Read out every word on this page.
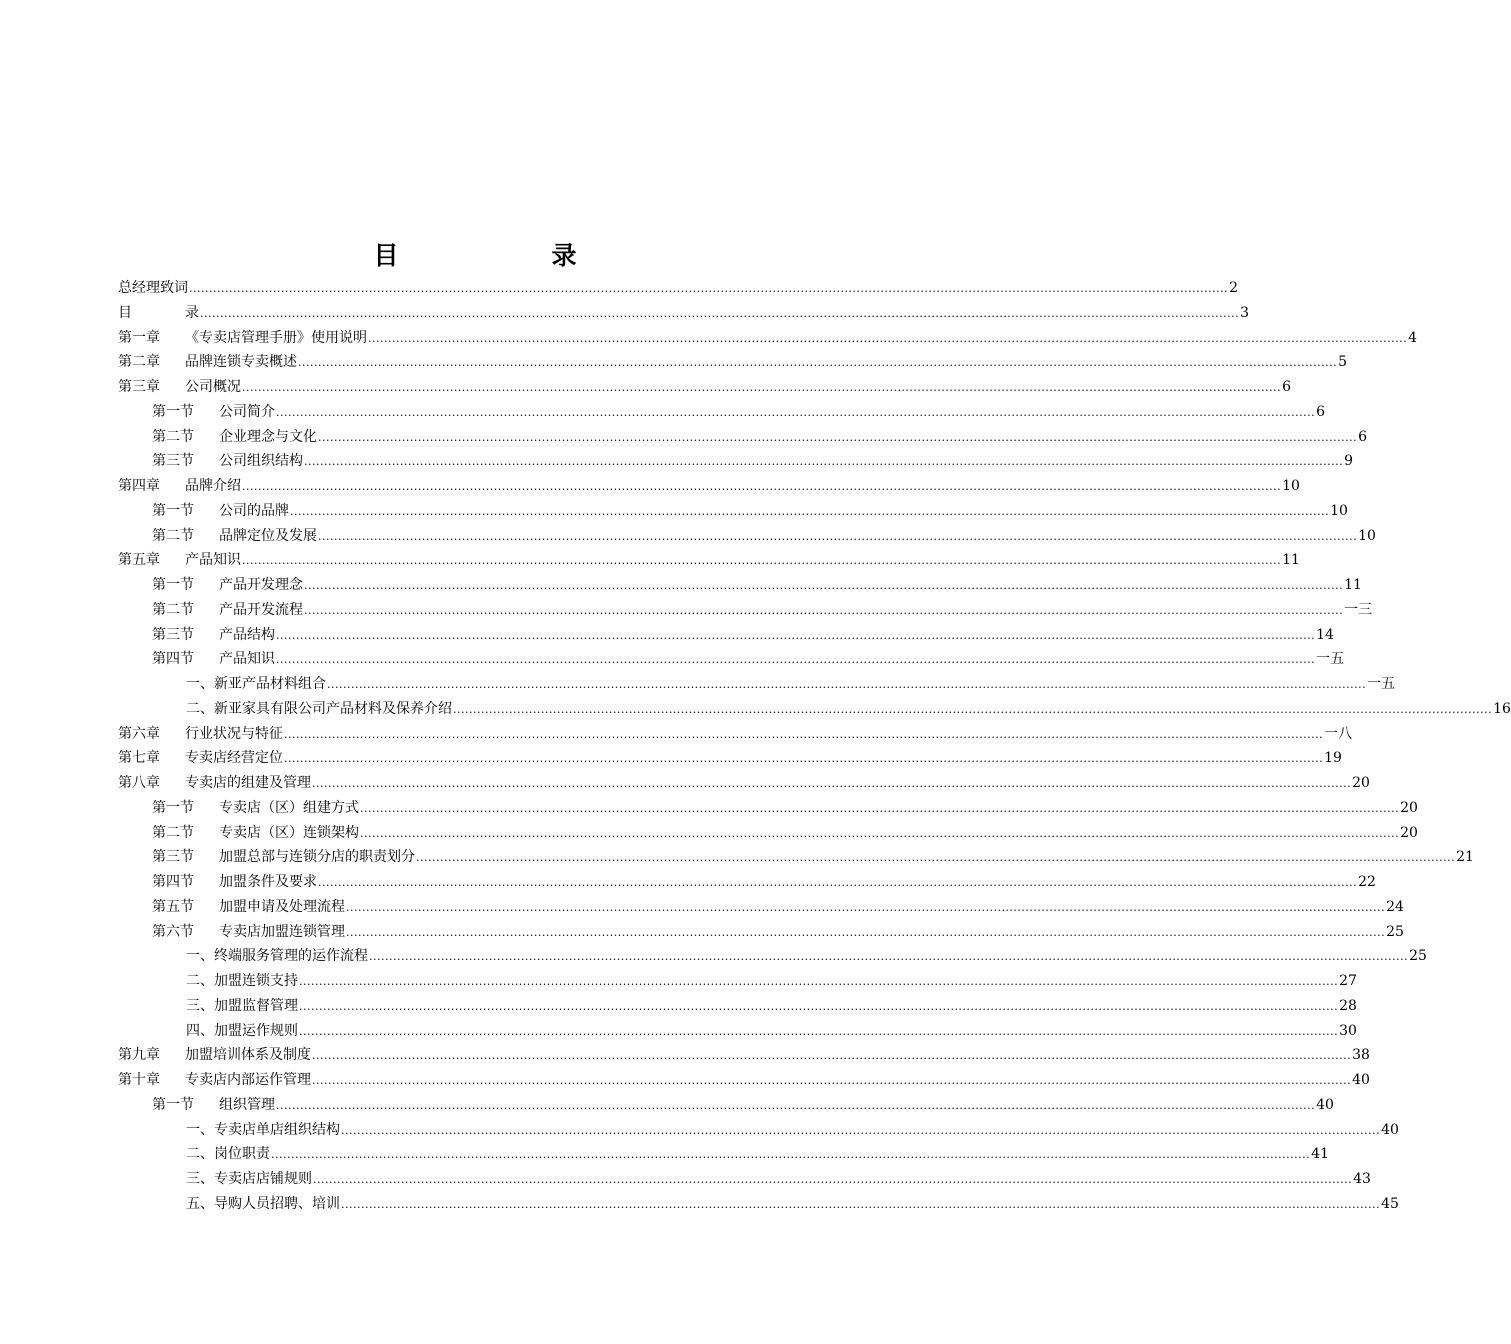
目　录
总经理致词 .................................................................................................................................................................................................................................................................... 2
目	录 .................................................................................................................................................................................................................................................................... 3
第一章	《专卖店管理手册》使用说明 .................................................................................................................................................................................................................................................................... 4
第二章	品牌连锁专卖概述 .................................................................................................................................................................................................................................................................... 5
第三章	公司概况 .................................................................................................................................................................................................................................................................... 6
第一节	公司简介 .................................................................................................................................................................................................................................................................... 6
第二节	企业理念与文化 .................................................................................................................................................................................................................................................................... 6
第三节	公司组织结构 .................................................................................................................................................................................................................................................................... 9
第四章	品牌介绍 .................................................................................................................................................................................................................................................................... 10
第一节	公司的品牌 .................................................................................................................................................................................................................................................................... 10
第二节	品牌定位及发展 .................................................................................................................................................................................................................................................................... 10
第五章	产品知识 .................................................................................................................................................................................................................................................................... 11
第一节	产品开发理念 .................................................................................................................................................................................................................................................................... 11
第二节	产品开发流程 .................................................................................................................................................................................................................................................................... 一三
第三节	产品结构 .................................................................................................................................................................................................................................................................... 14
第四节	产品知识 .................................................................................................................................................................................................................................................................... 一五
一、新亚产品材料组合 .................................................................................................................................................................................................................................................................... 一五
二、新亚家具有限公司产品材料及保养介绍 .................................................................................................................................................................................................................................................................... 16
第六章	行业状况与特征 .................................................................................................................................................................................................................................................................... 一八
第七章	专卖店经营定位 .................................................................................................................................................................................................................................................................... 19
第八章	专卖店的组建及管理 .................................................................................................................................................................................................................................................................... 20
第一节	专卖店（区）组建方式 .................................................................................................................................................................................................................................................................... 20
第二节	专卖店（区）连锁架构 .................................................................................................................................................................................................................................................................... 20
第三节	加盟总部与连锁分店的职责划分 .................................................................................................................................................................................................................................................................... 21
第四节	加盟条件及要求 .................................................................................................................................................................................................................................................................... 22
第五节	加盟申请及处理流程 .................................................................................................................................................................................................................................................................... 24
第六节	专卖店加盟连锁管理 .................................................................................................................................................................................................................................................................... 25
一、终端服务管理的运作流程 .................................................................................................................................................................................................................................................................... 25
二、加盟连锁支持 .................................................................................................................................................................................................................................................................... 27
三、加盟监督管理 .................................................................................................................................................................................................................................................................... 28
四、加盟运作规则 .................................................................................................................................................................................................................................................................... 30
第九章	加盟培训体系及制度 .................................................................................................................................................................................................................................................................... 38
第十章	专卖店内部运作管理 .................................................................................................................................................................................................................................................................... 40
第一节	组织管理 .................................................................................................................................................................................................................................................................... 40
一、专卖店单店组织结构 .................................................................................................................................................................................................................................................................... 40
二、岗位职责 .................................................................................................................................................................................................................................................................... 41
三、专卖店店铺规则 .................................................................................................................................................................................................................................................................... 43
五、导购人员招聘、培训 .................................................................................................................................................................................................................................................................... 45
